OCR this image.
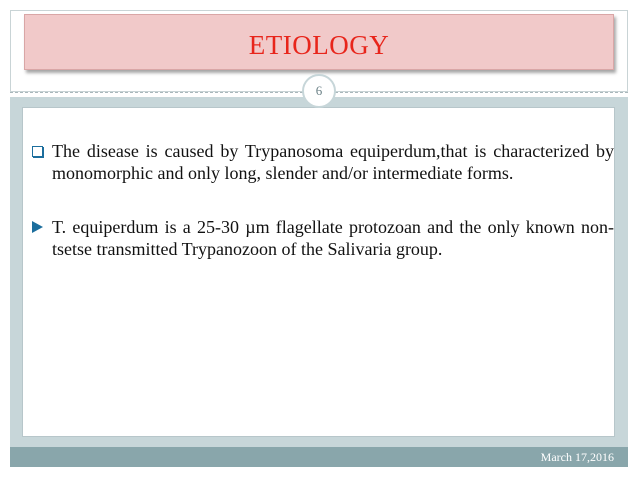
ETIOLOGY
6
The disease is caused by Trypanosoma equiperdum,that is characterized by monomorphic and only long, slender and/or intermediate forms.
T. equiperdum is a 25-30 µm flagellate protozoan and the only known non-tsetse transmitted Trypanozoon of the Salivaria group.
March 17,2016
